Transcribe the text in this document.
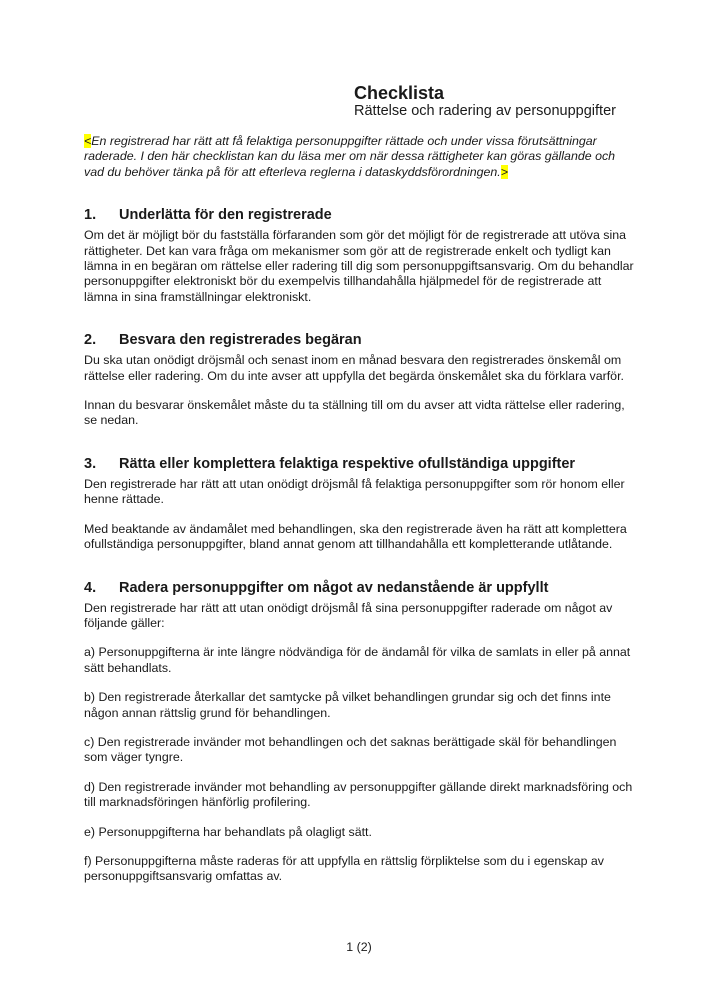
Checklista
Rättelse och radering av personuppgifter

<En registrerad har rätt att få felaktiga personuppgifter rättade och under vissa förutsättningar raderade. I den här checklistan kan du läsa mer om när dessa rättigheter kan göras gällande och vad du behöver tänka på för att efterleva reglerna i dataskyddsförordningen.>

1.	Underlätta för den registrerade

Om det är möjligt bör du fastställa förfaranden som gör det möjligt för de registrerade att utöva sina rättigheter. Det kan vara fråga om mekanismer som gör att de registrerade enkelt och tydligt kan lämna in en begäran om rättelse eller radering till dig som personuppgiftsansvarig. Om du behandlar personuppgifter elektroniskt bör du exempelvis tillhandahålla hjälpmedel för de registrerade att lämna in sina framställningar elektroniskt.

2.	Besvara den registrerades begäran

Du ska utan onödigt dröjsmål och senast inom en månad besvara den registrerades önskemål om rättelse eller radering. Om du inte avser att uppfylla det begärda önskemålet ska du förklara varför.

Innan du besvarar önskemålet måste du ta ställning till om du avser att vidta rättelse eller radering, se nedan.

3.	Rätta eller komplettera felaktiga respektive ofullständiga uppgifter

Den registrerade har rätt att utan onödigt dröjsmål få felaktiga personuppgifter som rör honom eller henne rättade.

Med beaktande av ändamålet med behandlingen, ska den registrerade även ha rätt att komplettera ofullständiga personuppgifter, bland annat genom att tillhandahålla ett kompletterande utlåtande.

4.	Radera personuppgifter om något av nedanstående är uppfyllt

Den registrerade har rätt att utan onödigt dröjsmål få sina personuppgifter raderade om något av följande gäller:

a) Personuppgifterna är inte längre nödvändiga för de ändamål för vilka de samlats in eller på annat sätt behandlats.

b) Den registrerade återkallar det samtycke på vilket behandlingen grundar sig och det finns inte någon annan rättslig grund för behandlingen.

c) Den registrerade invänder mot behandlingen och det saknas berättigade skäl för behandlingen som väger tyngre.

d) Den registrerade invänder mot behandling av personuppgifter gällande direkt marknadsföring och till marknadsföringen hänförlig profilering.

e) Personuppgifterna har behandlats på olagligt sätt.

f) Personuppgifterna måste raderas för att uppfylla en rättslig förpliktelse som du i egenskap av personuppgiftsansvarig omfattas av.

1 (2)
